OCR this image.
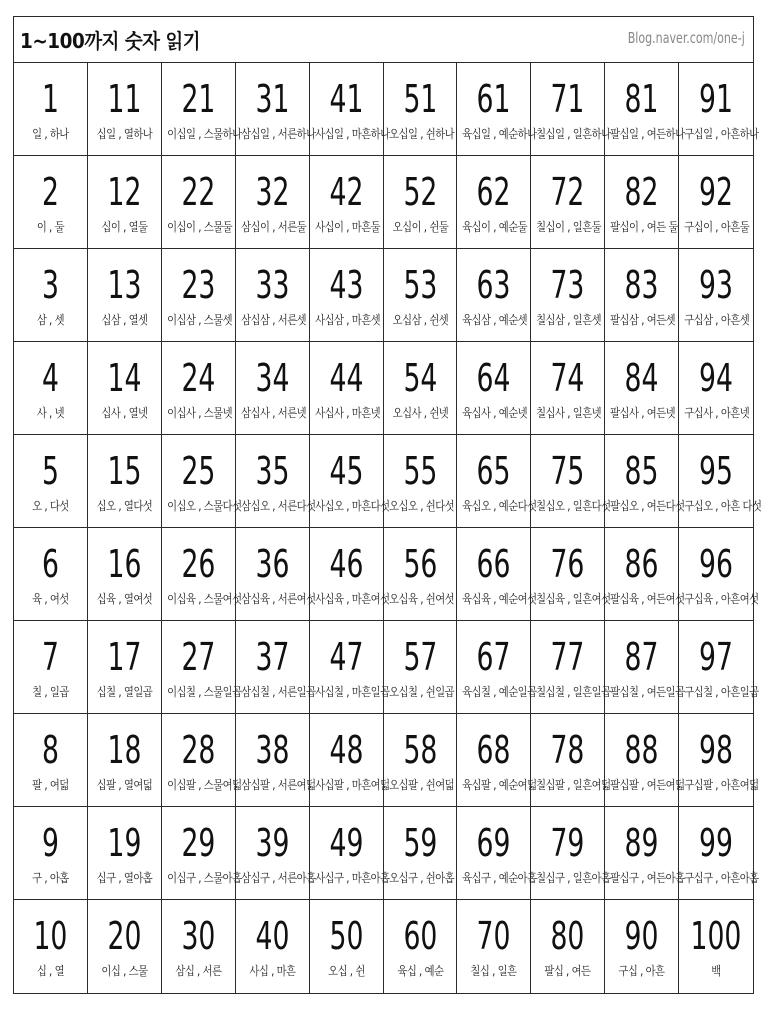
1~100까지 숫자 읽기	Blog.naver.com/one-j
1
일 , 하나
11
십일 , 열하나
21
이십일 , 스물하나
31
삼십일 , 서른하나
41
사십일 , 마흔하나
51
오십일 , 쉰하나
61
육십일 , 예순하나
71
칠십일 , 일흔하나
81
팔십일 , 여든하나
91
구십일 , 아흔하나
2
이 , 둘
12
십이 , 열둘
22
이십이 , 스물둘
32
삼십이 , 서른둘
42
사십이 , 마흔둘
52
오십이 , 쉰둘
62
육십이 , 예순둘
72
칠십이 , 일흔둘
82
팔십이 , 여든 둘
92
구십이 , 아흔둘
3
삼 , 셋
13
십삼 , 열셋
23
이십삼 , 스물셋
33
삼십삼 , 서른셋
43
사십삼 , 마흔셋
53
오십삼 , 쉰셋
63
육십삼 , 예순셋
73
칠십삼 , 일흔셋
83
팔십삼 , 여든셋
93
구십삼 , 아흔셋
4
사 , 넷
14
십사 , 열넷
24
이십사 , 스물넷
34
삼십사 , 서른넷
44
사십사 , 마흔넷
54
오십사 , 쉰넷
64
육십사 , 예순넷
74
칠십사 , 일흔넷
84
팔십사 , 여든넷
94
구십사 , 아흔넷
5
오 , 다섯
15
십오 , 열다섯
25
이십오 , 스물다섯
35
삼십오 , 서른다섯
45
사십오 , 마흔다섯
55
오십오 , 쉰다섯
65
육십오 , 예순다섯
75
칠십오 , 일흔다섯
85
팔십오 , 여든다섯
95
구십오 , 아흔 다섯
6
육 , 여섯
16
십육 , 열여섯
26
이십육 , 스물여섯
36
삼십육 , 서른여섯
46
사십육 , 마흔여섯
56
오십육 , 쉰여섯
66
육십육 , 예순여섯
76
칠십육 , 일흔여섯
86
팔십육 , 여든여섯
96
구십육 , 아흔여섯
7
칠 , 일곱
17
십칠 , 열일곱
27
이십칠 , 스물일곱
37
삼십칠 , 서른일곱
47
사십칠 , 마흔일곱
57
오십칠 , 쉰일곱
67
육십칠 , 예순일곱
77
칠십칠 , 일흔일곱
87
팔십칠 , 여든일곱
97
구십칠 , 아흔일곱
8
팔 , 여덟
18
십팔 , 열여덟
28
이십팔 , 스물여덟
38
삼십팔 , 서른여덟
48
사십팔 , 마흔여덟
58
오십팔 , 쉰여덟
68
육십팔 , 예순여덟
78
칠십팔 , 일흔여덟
88
팔십팔 , 여든여덟
98
구십팔 , 아흔여덟
9
구 , 아홉
19
십구 , 열아홉
29
이십구 , 스물아홉
39
삼십구 , 서른아홉
49
사십구 , 마흔아홉
59
오십구 , 쉰아홉
69
육십구 , 예순아홉
79
칠십구 , 일흔아홉
89
팔십구 , 여든아홉
99
구십구 , 아흔아홉
10
십 , 열
20
이십 , 스물
30
삼십 , 서른
40
사십 , 마흔
50
오십 , 쉰
60
육십 , 예순
70
칠십 , 일흔
80
팔십 , 여든
90
구십 , 아흔
100
백
